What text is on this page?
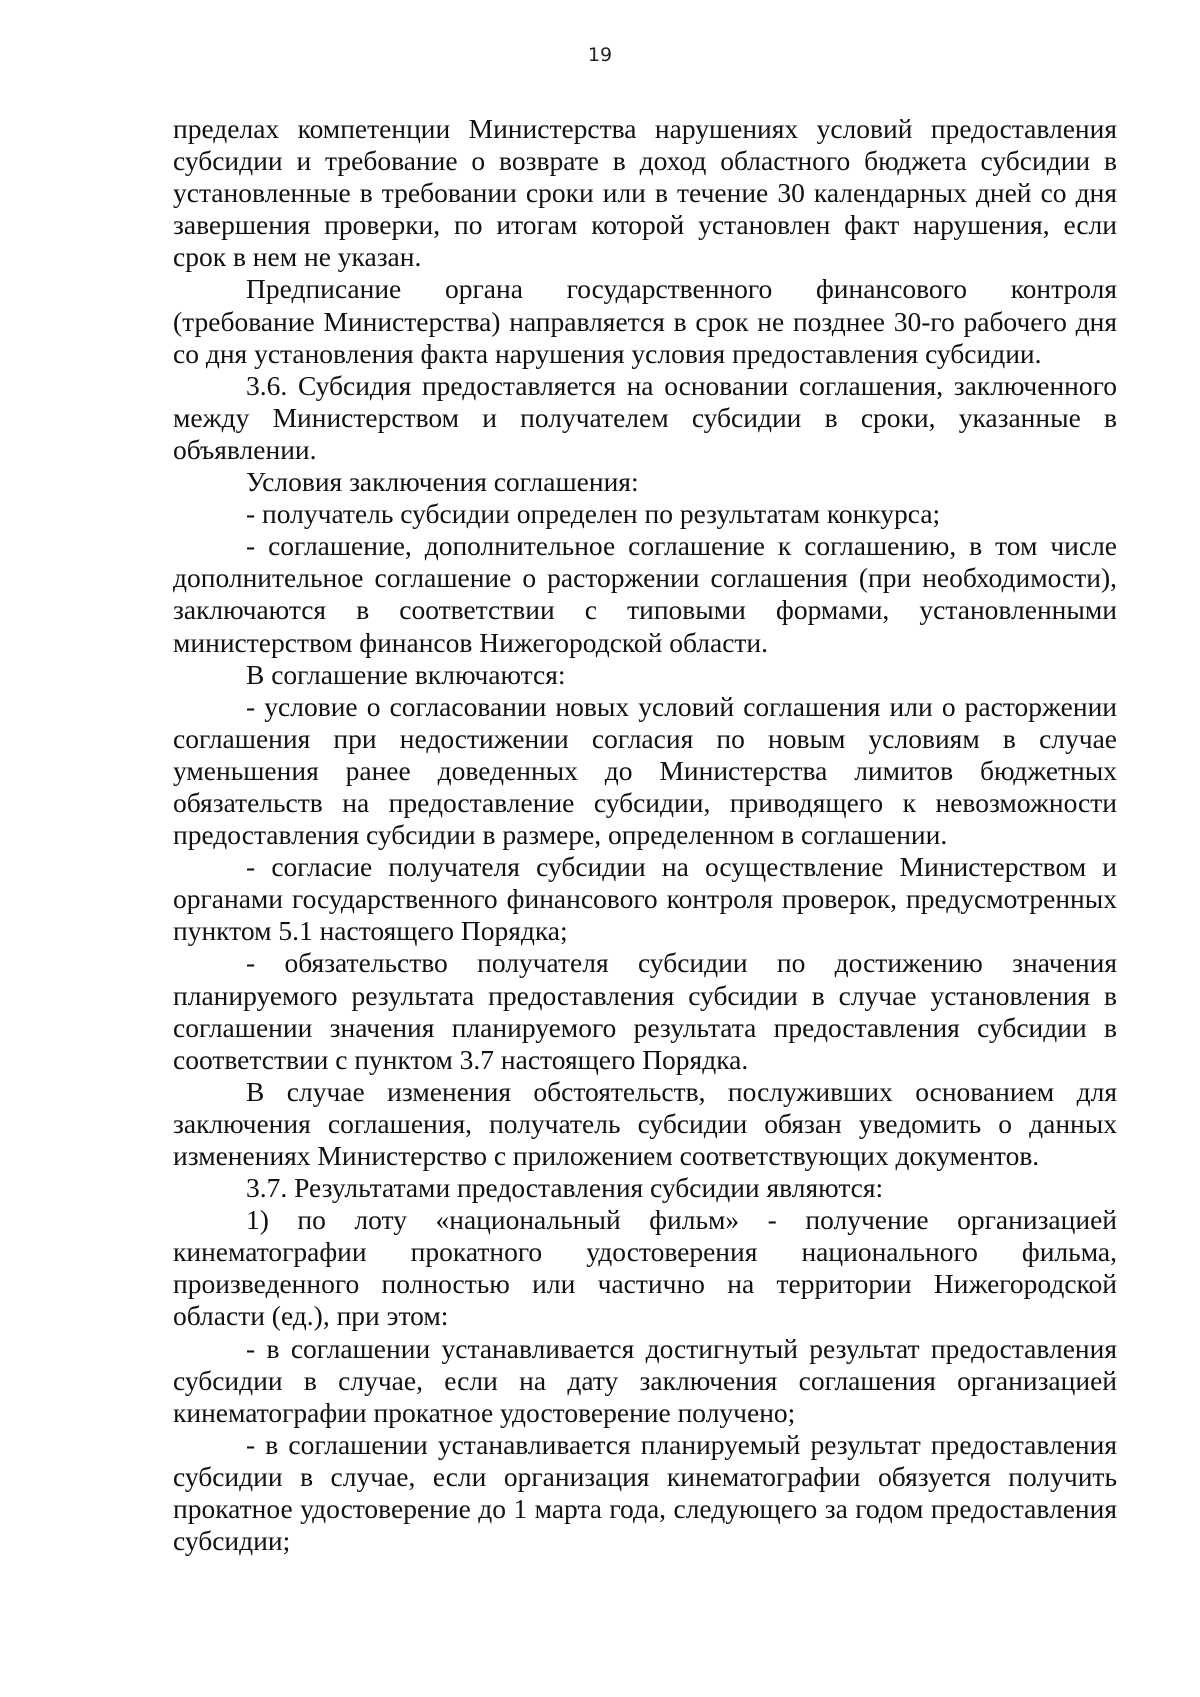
19

пределах компетенции Министерства нарушениях условий предоставления субсидии и требование о возврате в доход областного бюджета субсидии в установленные в требовании сроки или в течение 30 календарных дней со дня завершения проверки, по итогам которой установлен факт нарушения, если срок в нем не указан.

Предписание органа государственного финансового контроля (требование Министерства) направляется в срок не позднее 30-го рабочего дня со дня установления факта нарушения условия предоставления субсидии.

3.6. Субсидия предоставляется на основании соглашения, заключенного между Министерством и получателем субсидии в сроки, указанные в объявлении.

Условия заключения соглашения:

- получатель субсидии определен по результатам конкурса;

- соглашение, дополнительное соглашение к соглашению, в том числе дополнительное соглашение о расторжении соглашения (при необходимости), заключаются в соответствии с типовыми формами, установленными министерством финансов Нижегородской области.

В соглашение включаются:

- условие о согласовании новых условий соглашения или о расторжении соглашения при недостижении согласия по новым условиям в случае уменьшения ранее доведенных до Министерства лимитов бюджетных обязательств на предоставление субсидии, приводящего к невозможности предоставления субсидии в размере, определенном в соглашении.

- согласие получателя субсидии на осуществление Министерством и органами государственного финансового контроля проверок, предусмотренных пунктом 5.1 настоящего Порядка;

- обязательство получателя субсидии по достижению значения планируемого результата предоставления субсидии в случае установления в соглашении значения планируемого результата предоставления субсидии в соответствии с пунктом 3.7 настоящего Порядка.

В случае изменения обстоятельств, послуживших основанием для заключения соглашения, получатель субсидии обязан уведомить о данных изменениях Министерство с приложением соответствующих документов.

3.7. Результатами предоставления субсидии являются:

1) по лоту «национальный фильм» - получение организацией кинематографии прокатного удостоверения национального фильма, произведенного полностью или частично на территории Нижегородской области (ед.), при этом:

- в соглашении устанавливается достигнутый результат предоставления субсидии в случае, если на дату заключения соглашения организацией кинематографии прокатное удостоверение получено;

- в соглашении устанавливается планируемый результат предоставления субсидии в случае, если организация кинематографии обязуется получить прокатное удостоверение до 1 марта года, следующего за годом предоставления субсидии;
